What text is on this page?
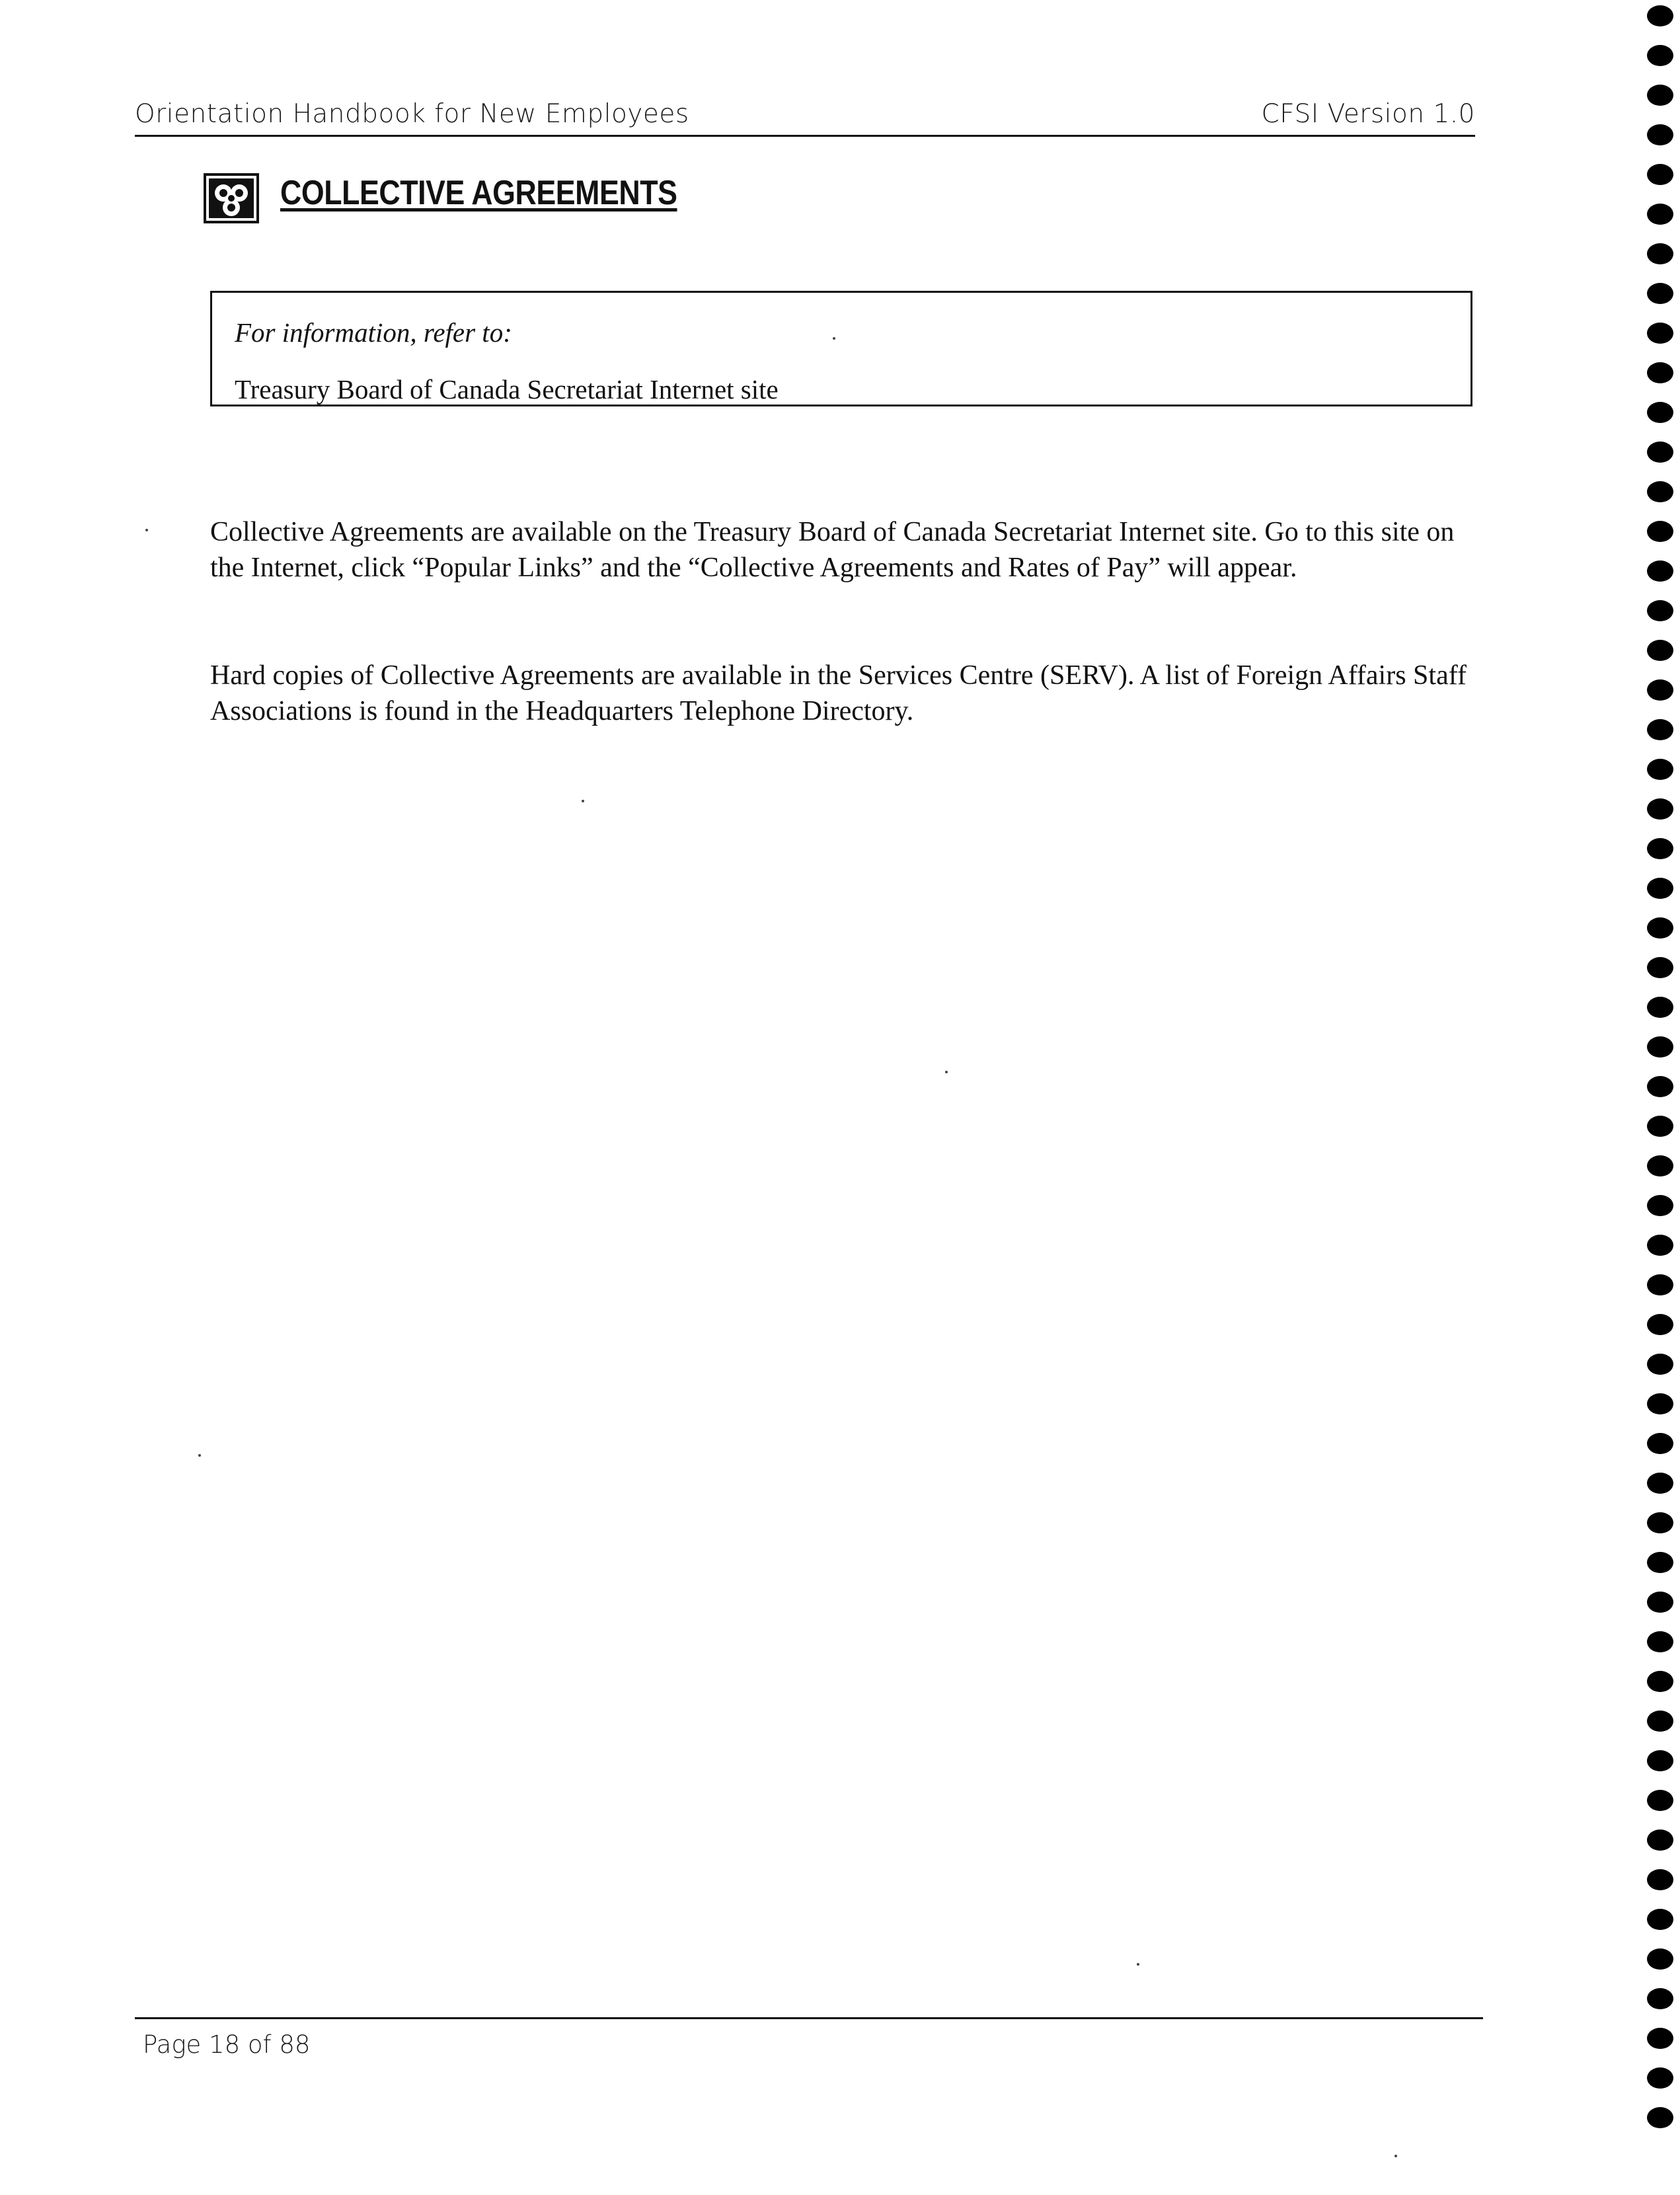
Orientation Handbook for New Employees	CFSI Version 1.0
COLLECTIVE AGREEMENTS
For information, refer to:
Treasury Board of Canada Secretariat Internet site

Collective Agreements are available on the Treasury Board of Canada Secretariat Internet site. Go to this site on the Internet, click “Popular Links” and the “Collective Agreements and Rates of Pay” will appear.

Hard copies of Collective Agreements are available in the Services Centre (SERV). A list of Foreign Affairs Staff Associations is found in the Headquarters Telephone Directory.

Page 18 of 88
